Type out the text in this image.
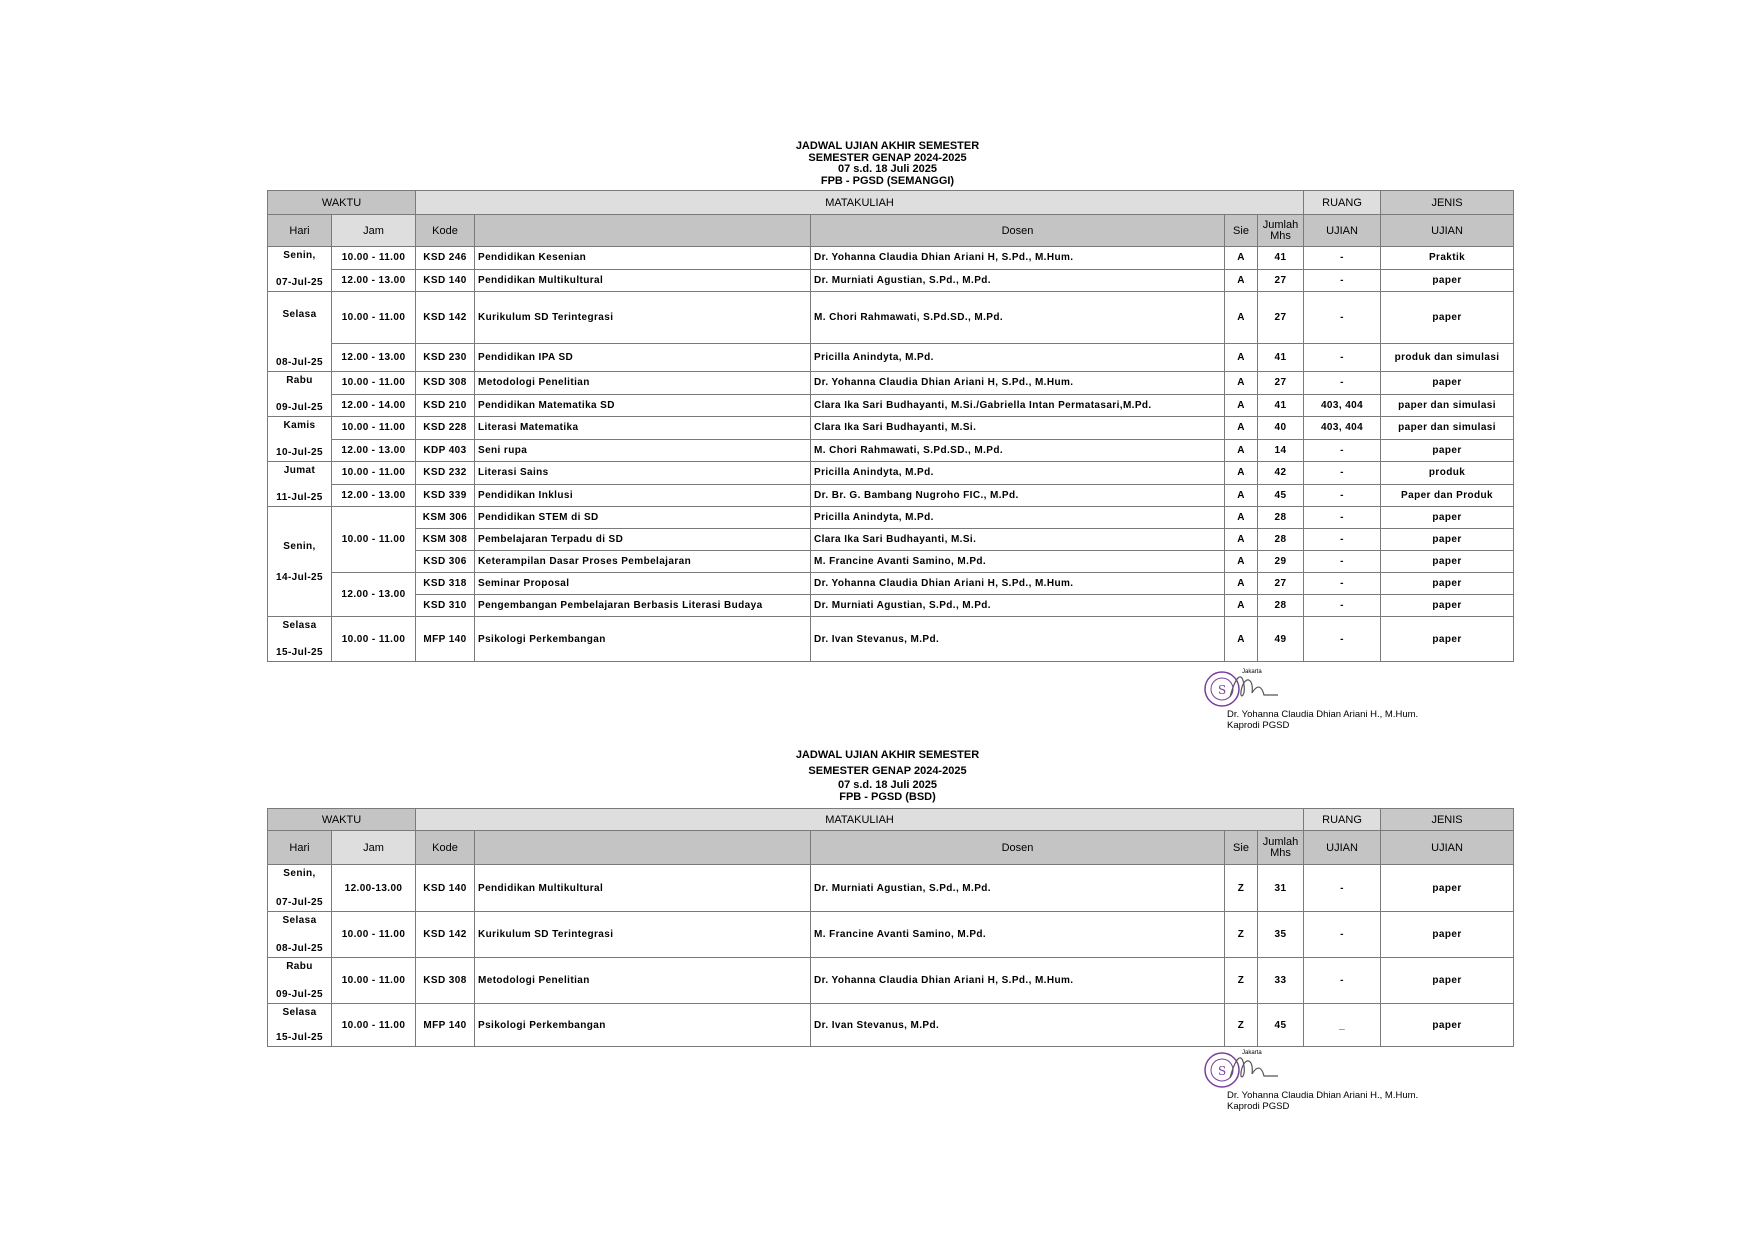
JADWAL UJIAN AKHIR SEMESTER
SEMESTER GENAP 2024-2025
07 s.d. 18 Juli 2025
FPB - PGSD (SEMANGGI)
WAKTU		MATAKULIAH					RUANG	JENIS
Hari	Jam	Kode		Dosen	Sie	Jumlah Mhs	UJIAN	UJIAN

Senin,
07-Jul-25	10.00 - 11.00	KSD 246	Pendidikan Kesenian	Dr. Yohanna Claudia Dhian Ariani H, S.Pd., M.Hum.	A	41	-	Praktik
	12.00 - 13.00	KSD 140	Pendidikan Multikultural	Dr. Murniati Agustian, S.Pd., M.Pd.	A	27	-	paper

Selasa
08-Jul-25	10.00 - 11.00	KSD 142	Kurikulum SD Terintegrasi	M. Chori Rahmawati, S.Pd.SD., M.Pd.	A	27	-	paper
	12.00 - 13.00	KSD 230	Pendidikan IPA SD	Pricilla Anindyta, M.Pd.	A	41	-	produk dan simulasi

Rabu
09-Jul-25	10.00 - 11.00	KSD 308	Metodologi Penelitian	Dr. Yohanna Claudia Dhian Ariani H, S.Pd., M.Hum.	A	27	-	paper
	12.00 - 14.00	KSD 210	Pendidikan Matematika SD	Clara Ika Sari Budhayanti, M.Si./Gabriella Intan Permatasari,M.Pd.	A	41	403, 404	paper dan simulasi

Kamis
10-Jul-25	10.00 - 11.00	KSD 228	Literasi Matematika	Clara Ika Sari Budhayanti, M.Si.	A	40	403, 404	paper dan simulasi
	12.00 - 13.00	KDP 403	Seni rupa	M. Chori Rahmawati, S.Pd.SD., M.Pd.	A	14	-	paper

Jumat
11-Jul-25	10.00 - 11.00	KSD 232	Literasi Sains	Pricilla Anindyta, M.Pd.	A	42	-	produk
	12.00 - 13.00	KSD 339	Pendidikan Inklusi	Dr. Br. G. Bambang Nugroho FIC., M.Pd.	A	45	-	Paper dan Produk

Senin,
14-Jul-25	10.00 - 11.00	KSM 306	Pendidikan STEM di SD	Pricilla Anindyta, M.Pd.	A	28	-	paper
		KSM 308	Pembelajaran Terpadu di SD	Clara Ika Sari Budhayanti, M.Si.	A	28	-	paper
		KSD 306	Keterampilan Dasar Proses Pembelajaran	M. Francine Avanti Samino, M.Pd.	A	29	-	paper
	12.00 - 13.00	KSD 318	Seminar Proposal	Dr. Yohanna Claudia Dhian Ariani H, S.Pd., M.Hum.	A	27	-	paper
		KSD 310	Pengembangan Pembelajaran Berbasis Literasi Budaya	Dr. Murniati Agustian, S.Pd., M.Pd.	A	28	-	paper

Selasa
15-Jul-25	10.00 - 11.00	MFP 140	Psikologi Perkembangan	Dr. Ivan Stevanus, M.Pd.	A	49	-	paper
Jakarta
S
Dr. Yohanna Claudia Dhian Ariani H., M.Hum.
Kaprodi PGSD
JADWAL UJIAN AKHIR SEMESTER
SEMESTER GENAP 2024-2025
07 s.d. 18 Juli 2025
FPB - PGSD (BSD)
WAKTU		MATAKULIAH					RUANG	JENIS
Hari	Jam	Kode		Dosen	Sie	Jumlah Mhs	UJIAN	UJIAN

Senin,
07-Jul-25	12.00-13.00	KSD 140	Pendidikan Multikultural	Dr. Murniati Agustian, S.Pd., M.Pd.	Z	31	-	paper

Selasa
08-Jul-25	10.00 - 11.00	KSD 142	Kurikulum SD Terintegrasi	M. Francine Avanti Samino, M.Pd.	Z	35	-	paper

Rabu
09-Jul-25	10.00 - 11.00	KSD 308	Metodologi Penelitian	Dr. Yohanna Claudia Dhian Ariani H, S.Pd., M.Hum.	Z	33	-	paper

Selasa
15-Jul-25	10.00 - 11.00	MFP 140	Psikologi Perkembangan	Dr. Ivan Stevanus, M.Pd.	Z	45	_	paper
Jakarta
S
Dr. Yohanna Claudia Dhian Ariani H., M.Hum.
Kaprodi PGSD
